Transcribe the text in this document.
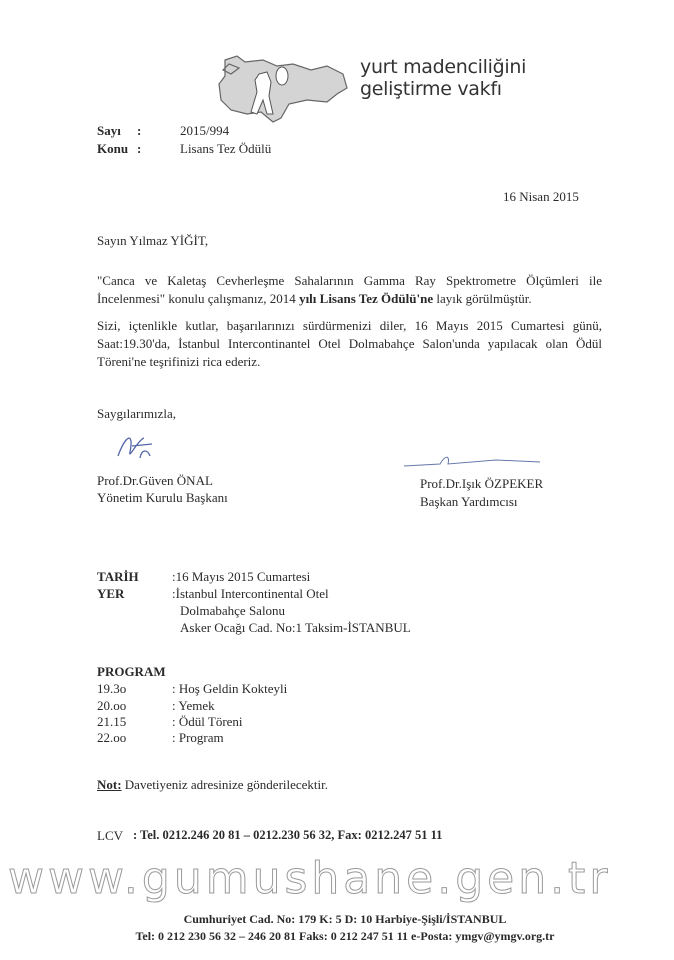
yurt madenciliğini
geliştirme vakfı
Sayı :	2015/994
Konu :	Lisans Tez Ödülü
16 Nisan 2015
Sayın Yılmaz YİĞİT,
"Canca ve Kaletaş Cevherleşme Sahalarının Gamma Ray Spektrometre Ölçümleri ile İncelenmesi" konulu çalışmanız, 2014 yılı Lisans Tez Ödülü'ne layık görülmüştür.
Sizi, içtenlikle kutlar, başarılarınızı sürdürmenizi diler, 16 Mayıs 2015 Cumartesi günü, Saat:19.30'da, İstanbul Intercontinantel Otel Dolmabahçe Salon'unda yapılacak olan Ödül Töreni'ne teşrifinizi rica ederiz.
Saygılarımızla,
Prof.Dr.Güven ÖNAL
Yönetim Kurulu Başkanı
Prof.Dr.Işık ÖZPEKER
Başkan Yardımcısı
TARİH	:16 Mayıs 2015 Cumartesi
YER	:İstanbul Intercontinental Otel
Dolmabahçe Salonu
Asker Ocağı Cad. No:1 Taksim-İSTANBUL
PROGRAM
19.3o	: Hoş Geldin Kokteyli
20.oo	: Yemek
21.15	: Ödül Töreni
22.oo	: Program
Not: Davetiyeniz adresinize gönderilecektir.
LCV : Tel. 0212.246 20 81 – 0212.230 56 32, Fax: 0212.247 51 11
www.gumushane.gen.tr
Cumhuriyet Cad. No: 179 K: 5 D: 10 Harbiye-Şişli/İSTANBUL
Tel: 0 212 230 56 32 – 246 20 81 Faks: 0 212 247 51 11 e-Posta: ymgv@ymgv.org.tr
